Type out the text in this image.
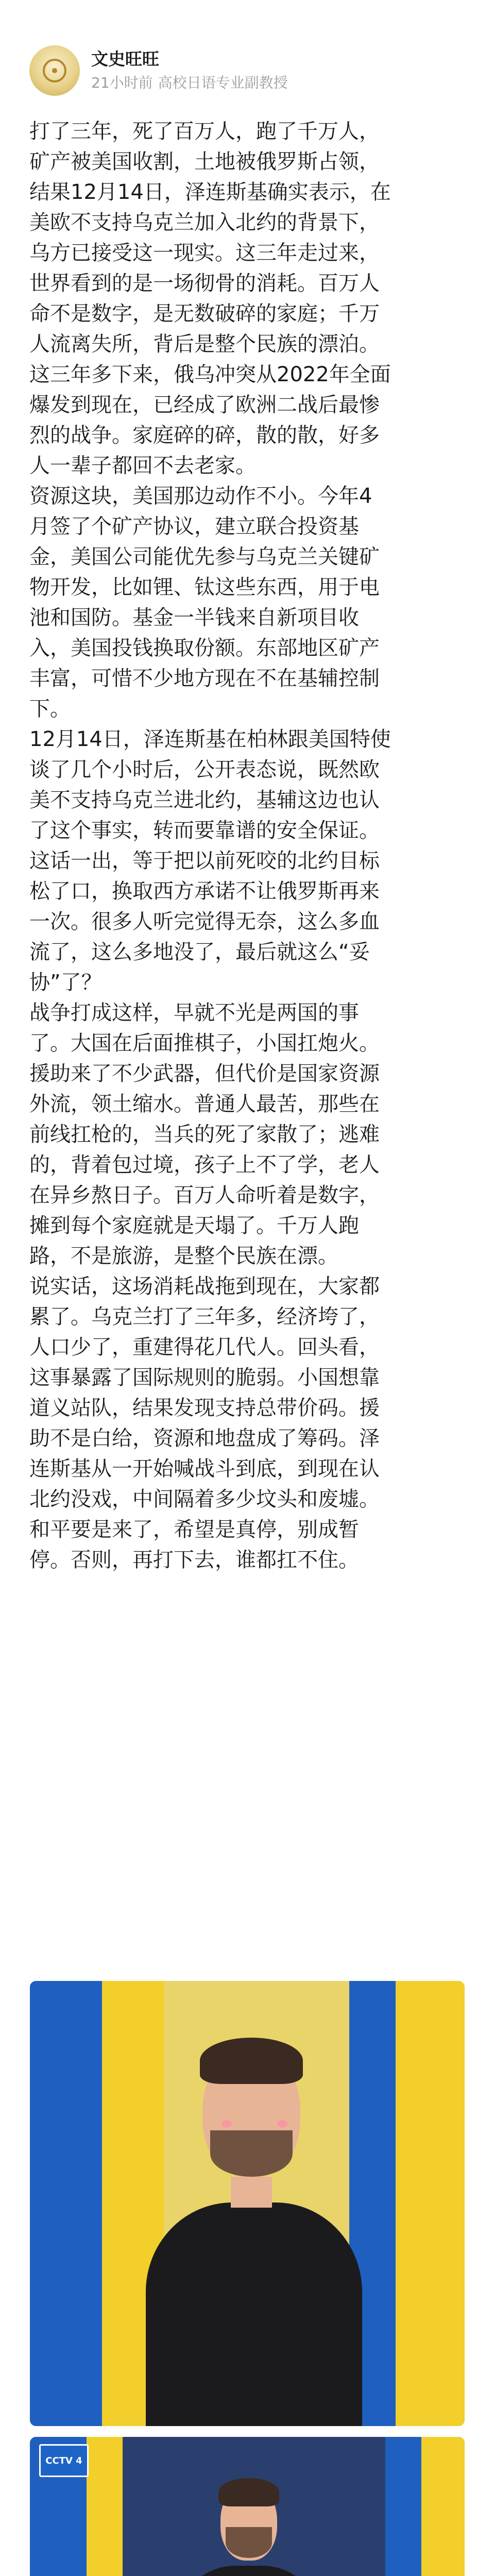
文史旺旺
21小时前 高校日语专业副教授

打了三年，死了百万人，跑了千万人，
矿产被美国收割，土地被俄罗斯占领，
结果12月14日，泽连斯基确实表示，在
美欧不支持乌克兰加入北约的背景下，
乌方已接受这一现实。这三年走过来，
世界看到的是一场彻骨的消耗。百万人
命不是数字，是无数破碎的家庭；千万
人流离失所，背后是整个民族的漂泊。
这三年多下来，俄乌冲突从2022年全面
爆发到现在，已经成了欧洲二战后最惨
烈的战争。家庭碎的碎，散的散，好多
人一辈子都回不去老家。

资源这块，美国那边动作不小。今年4
月签了个矿产协议，建立联合投资基
金，美国公司能优先参与乌克兰关键矿
物开发，比如锂、钛这些东西，用于电
池和国防。基金一半钱来自新项目收
入，美国投钱换取份额。东部地区矿产
丰富，可惜不少地方现在不在基辅控制
下。

12月14日，泽连斯基在柏林跟美国特使
谈了几个小时后，公开表态说，既然欧
美不支持乌克兰进北约，基辅这边也认
了这个事实，转而要靠谱的安全保证。
这话一出，等于把以前死咬的北约目标
松了口，换取西方承诺不让俄罗斯再来
一次。很多人听完觉得无奈，这么多血
流了，这么多地没了，最后就这么“妥
协”了？

战争打成这样，早就不光是两国的事
了。大国在后面推棋子，小国扛炮火。
援助来了不少武器，但代价是国家资源
外流，领土缩水。普通人最苦，那些在
前线扛枪的，当兵的死了家散了；逃难
的，背着包过境，孩子上不了学，老人
在异乡熬日子。百万人命听着是数字，
摊到每个家庭就是天塌了。千万人跑
路，不是旅游，是整个民族在漂。

说实话，这场消耗战拖到现在，大家都
累了。乌克兰打了三年多，经济垮了，
人口少了，重建得花几代人。回头看，
这事暴露了国际规则的脆弱。小国想靠
道义站队，结果发现支持总带价码。援
助不是白给，资源和地盘成了筹码。泽
连斯基从一开始喊战斗到底，到现在认
北约没戏，中间隔着多少坟头和废墟。
和平要是来了，希望是真停，别成暂
停。否则，再打下去，谁都扛不住。

CCTV 4
